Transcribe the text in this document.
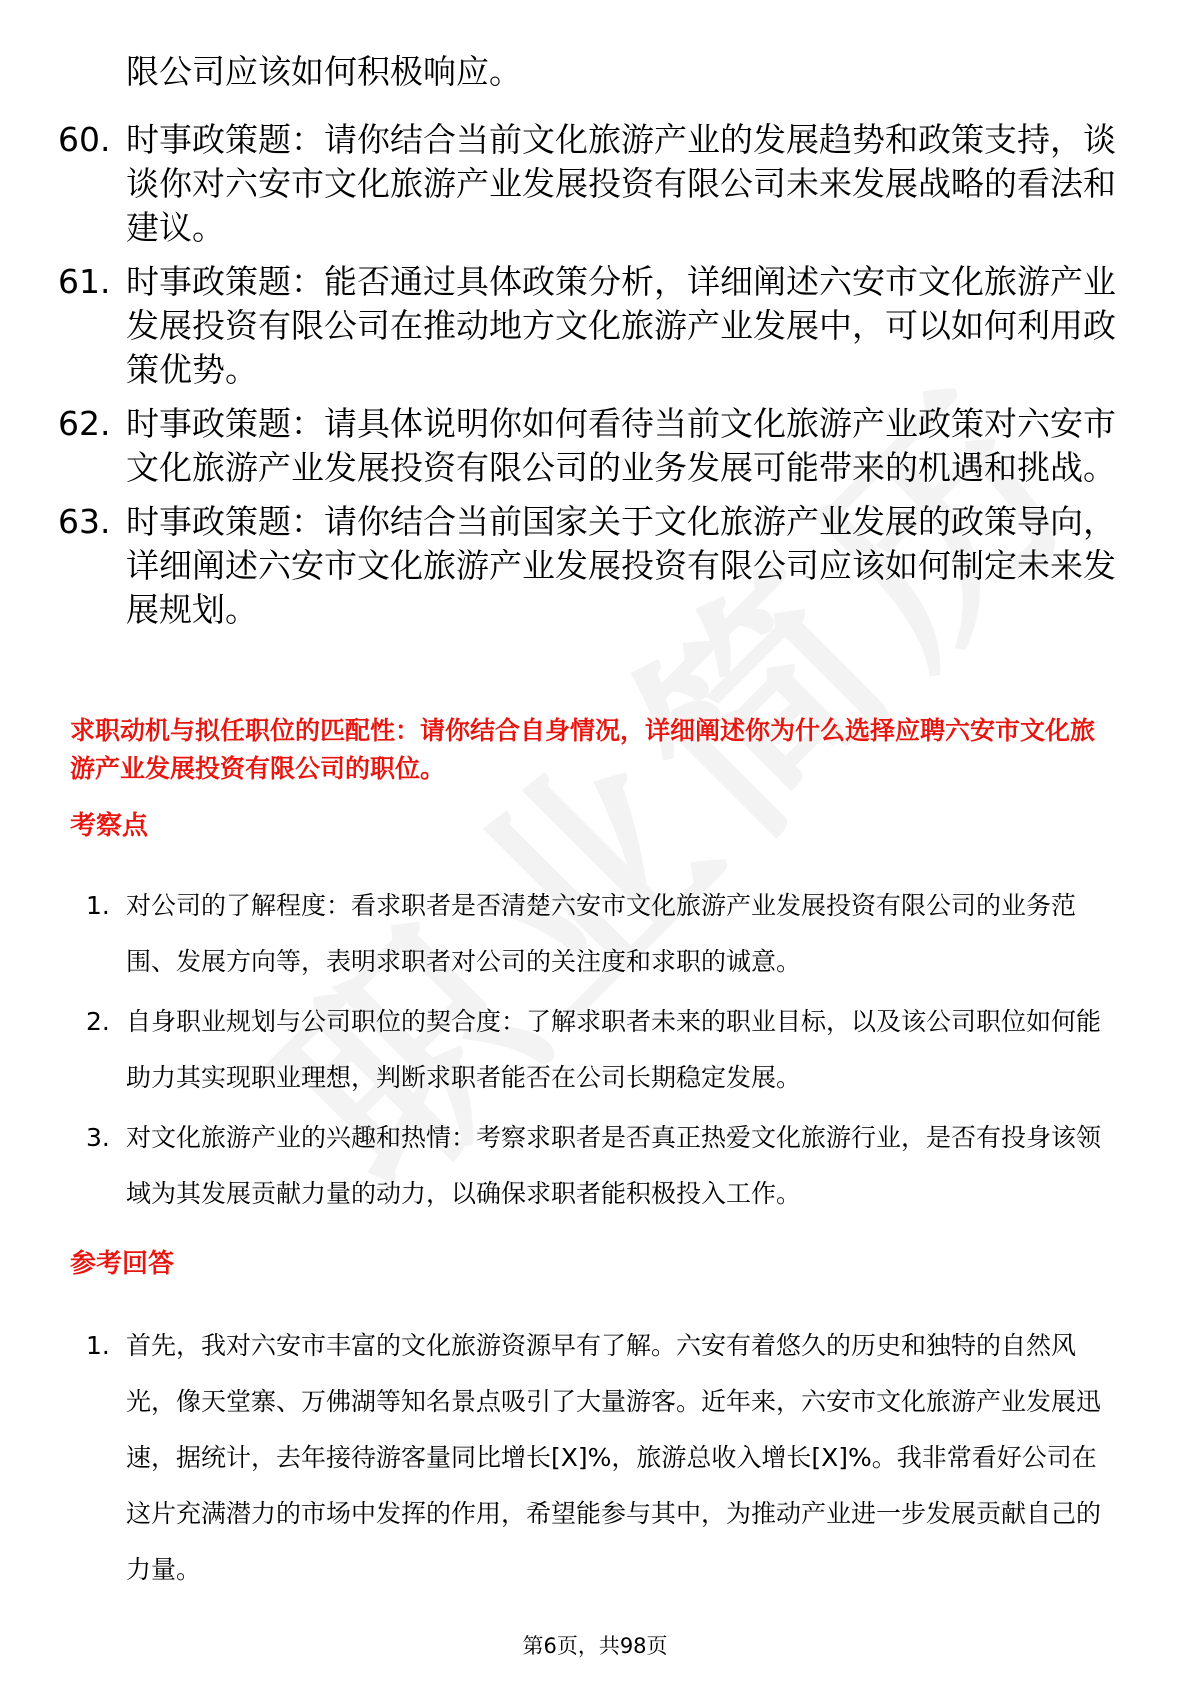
限公司应该如何积极响应。

60. 时事政策题：请你结合当前文化旅游产业的发展趋势和政策支持，谈谈你对六安市文化旅游产业发展投资有限公司未来发展战略的看法和建议。
61. 时事政策题：能否通过具体政策分析，详细阐述六安市文化旅游产业发展投资有限公司在推动地方文化旅游产业发展中，可以如何利用政策优势。
62. 时事政策题：请具体说明你如何看待当前文化旅游产业政策对六安市文化旅游产业发展投资有限公司的业务发展可能带来的机遇和挑战。
63. 时事政策题：请你结合当前国家关于文化旅游产业发展的政策导向，详细阐述六安市文化旅游产业发展投资有限公司应该如何制定未来发展规划。

求职动机与拟任职位的匹配性：请你结合自身情况，详细阐述你为什么选择应聘六安市文化旅游产业发展投资有限公司的职位。

考察点
1. 对公司的了解程度：看求职者是否清楚六安市文化旅游产业发展投资有限公司的业务范围、发展方向等，表明求职者对公司的关注度和求职的诚意。
2. 自身职业规划与公司职位的契合度：了解求职者未来的职业目标，以及该公司职位如何能助力其实现职业理想，判断求职者能否在公司长期稳定发展。
3. 对文化旅游产业的兴趣和热情：考察求职者是否真正热爱文化旅游行业，是否有投身该领域为其发展贡献力量的动力，以确保求职者能积极投入工作。
参考回答
1. 首先，我对六安市丰富的文化旅游资源早有了解。六安有着悠久的历史和独特的自然风光，像天堂寨、万佛湖等知名景点吸引了大量游客。近年来，六安市文化旅游产业发展迅速，据统计，去年接待游客量同比增长[X]%，旅游总收入增长[X]%。我非常看好公司在这片充满潜力的市场中发挥的作用，希望能参与其中，为推动产业进一步发展贡献自己的力量。

第6页，共98页
